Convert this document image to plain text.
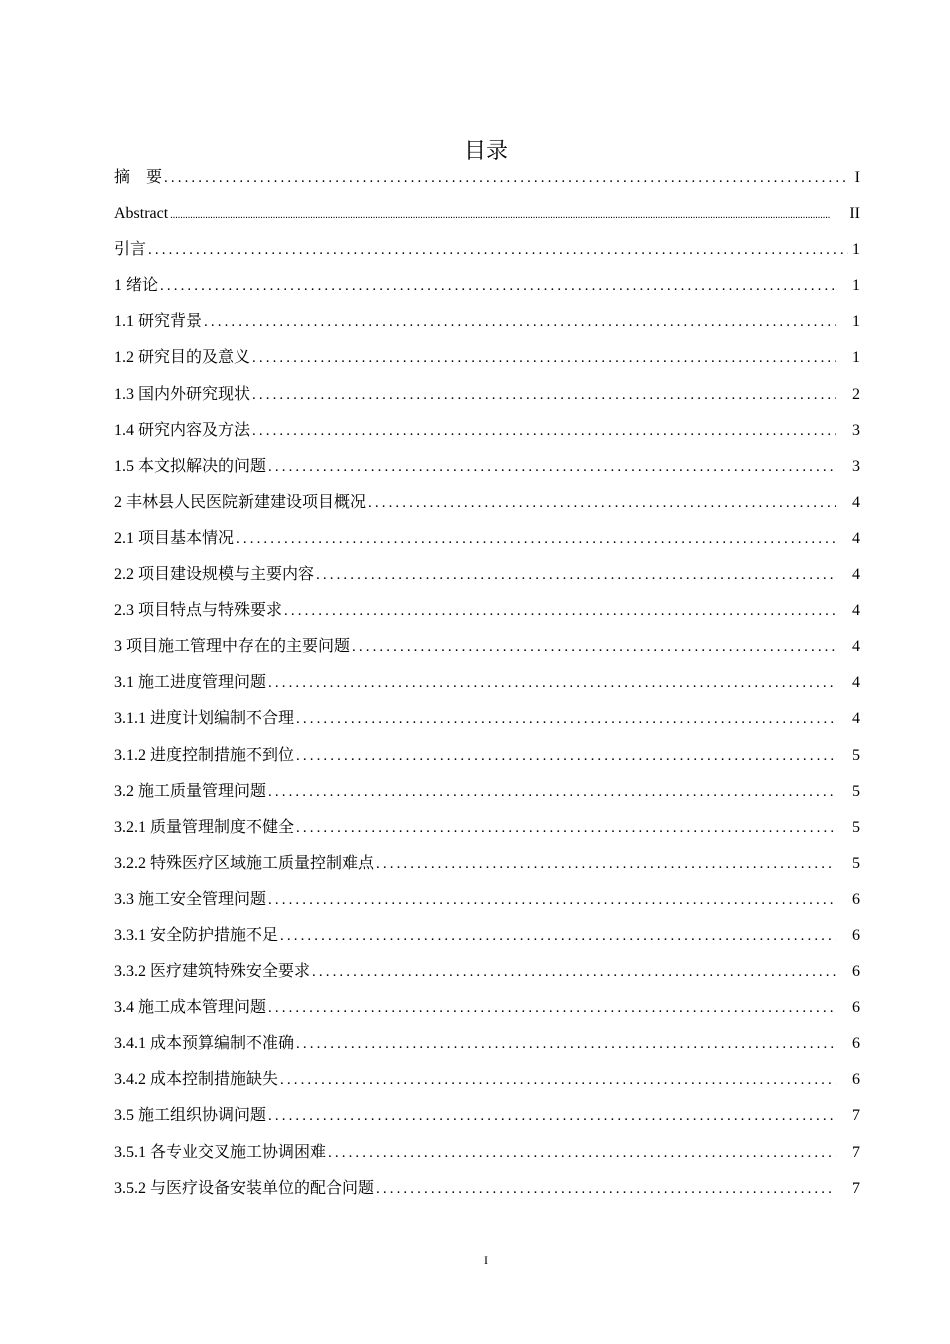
目录
摘　要 .....	I
Abstract .....	II
引言 .....	1
1 绪论 .....	1
1.1 研究背景 .....	1
1.2 研究目的及意义 .....	1
1.3 国内外研究现状 .....	2
1.4 研究内容及方法 .....	3
1.5 本文拟解决的问题 .....	3
2 丰林县人民医院新建建设项目概况 .....	4
2.1 项目基本情况 .....	4
2.2 项目建设规模与主要内容 .....	4
2.3 项目特点与特殊要求 .....	4
3 项目施工管理中存在的主要问题 .....	4
3.1 施工进度管理问题 .....	4
3.1.1 进度计划编制不合理 .....	4
3.1.2 进度控制措施不到位 .....	5
3.2 施工质量管理问题 .....	5
3.2.1 质量管理制度不健全 .....	5
3.2.2 特殊医疗区域施工质量控制难点 .....	5
3.3 施工安全管理问题 .....	6
3.3.1 安全防护措施不足 .....	6
3.3.2 医疗建筑特殊安全要求 .....	6
3.4 施工成本管理问题 .....	6
3.4.1 成本预算编制不准确 .....	6
3.4.2 成本控制措施缺失 .....	6
3.5 施工组织协调问题 .....	7
3.5.1 各专业交叉施工协调困难 .....	7
3.5.2 与医疗设备安装单位的配合问题 .....	7
I
